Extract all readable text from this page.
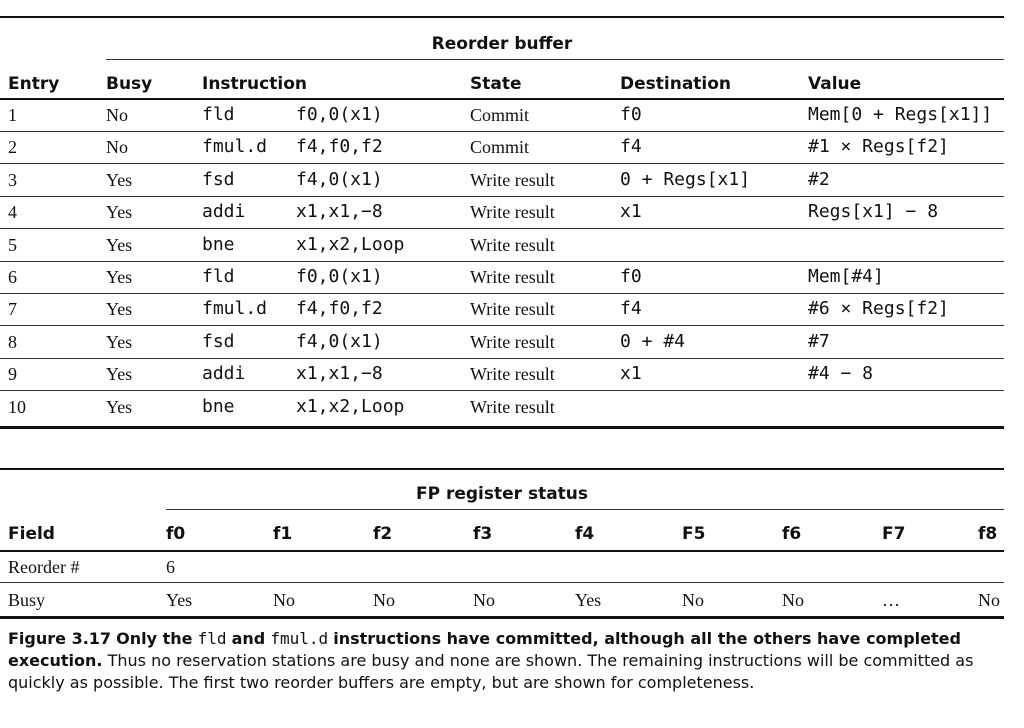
Reorder buffer
Entry	Busy	Instruction	State	Destination	Value
1	No	fld	f0,0(x1)	Commit	f0	Mem[0 + Regs[x1]]
2	No	fmul.d f4,f0,f2	Commit	f4	#1 × Regs[f2]
3	Yes	fsd	f4,0(x1)	Write result	0 + Regs[x1]	#2
4	Yes	addi	x1,x1,−8	Write result	x1	Regs[x1] − 8
5	Yes	bne	x1,x2,Loop	Write result
6	Yes	fld	f0,0(x1)	Write result	f0	Mem[#4]
7	Yes	fmul.d f4,f0,f2	Write result	f4	#6 × Regs[f2]
8	Yes	fsd	f4,0(x1)	Write result	0 + #4	#7
9	Yes	addi	x1,x1,−8	Write result	x1	#4 − 8
10	Yes	bne	x1,x2,Loop	Write result
FP register status
Field	f0	f1	f2	f3	f4	F5	f6	F7	f8
Reorder #	6
Busy	Yes	No	No	No	Yes	No	No	…	No
Figure 3.17 Only the fld and fmul.d instructions have committed, although all the others have completed execution. Thus no reservation stations are busy and none are shown. The remaining instructions will be committed as quickly as possible. The first two reorder buffers are empty, but are shown for completeness.
